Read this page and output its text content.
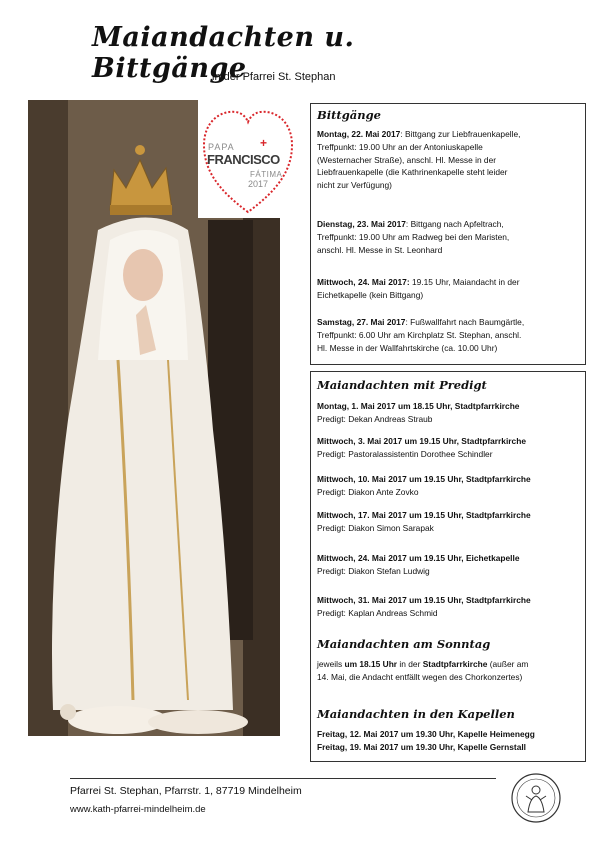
Maiandachten u. Bittgänge
in der Pfarrei St. Stephan
+
PAPA
FRANCISCO
FÁTIMA
2017

Bittgänge

Montag, 22. Mai 2017: Bittgang zur Liebfrauenkapelle,

Treffpunkt: 19.00 Uhr an der Antoniuskapelle

(Westernacher Straße), anschl. Hl. Messe in der

Liebfrauenkapelle (die Kathrinenkapelle steht leider

nicht zur Verfügung)

Dienstag, 23. Mai 2017: Bittgang nach Apfeltrach,

Treffpunkt: 19.00 Uhr am Radweg bei den Maristen,

anschl. Hl. Messe in St. Leonhard

Mittwoch, 24. Mai 2017: 19.15 Uhr, Maiandacht in der

Eichetkapelle (kein Bittgang)

Samstag, 27. Mai 2017: Fußwallfahrt nach Baumgärtle,

Treffpunkt: 6.00 Uhr am Kirchplatz St. Stephan, anschl.

Hl. Messe in der Wallfahrtskirche (ca. 10.00 Uhr)

Maiandachten mit Predigt

Montag, 1. Mai 2017 um 18.15 Uhr, Stadtpfarrkirche

Predigt: Dekan Andreas Straub

Mittwoch, 3. Mai 2017 um 19.15 Uhr, Stadtpfarrkirche

Predigt: Pastoralassistentin Dorothee Schindler

Mittwoch, 10. Mai 2017 um 19.15 Uhr, Stadtpfarrkirche

Predigt: Diakon Ante Zovko

Mittwoch, 17. Mai 2017 um 19.15 Uhr, Stadtpfarrkirche

Predigt: Diakon Simon Sarapak

Mittwoch, 24. Mai 2017 um 19.15 Uhr, Eichetkapelle

Predigt: Diakon Stefan Ludwig

Mittwoch, 31. Mai 2017 um 19.15 Uhr, Stadtpfarrkirche

Predigt: Kaplan Andreas Schmid

Maiandachten am Sonntag

jeweils um 18.15 Uhr in der Stadtpfarrkirche (außer am

14. Mai, die Andacht entfällt wegen des Chorkonzertes)

Maiandachten in den Kapellen

Freitag, 12. Mai 2017 um 19.30 Uhr, Kapelle Heimenegg

Freitag, 19. Mai 2017 um 19.30 Uhr, Kapelle Gernstall

Pfarrei St. Stephan, Pfarrstr. 1, 87719 Mindelheim
www.kath-pfarrei-mindelheim.de
